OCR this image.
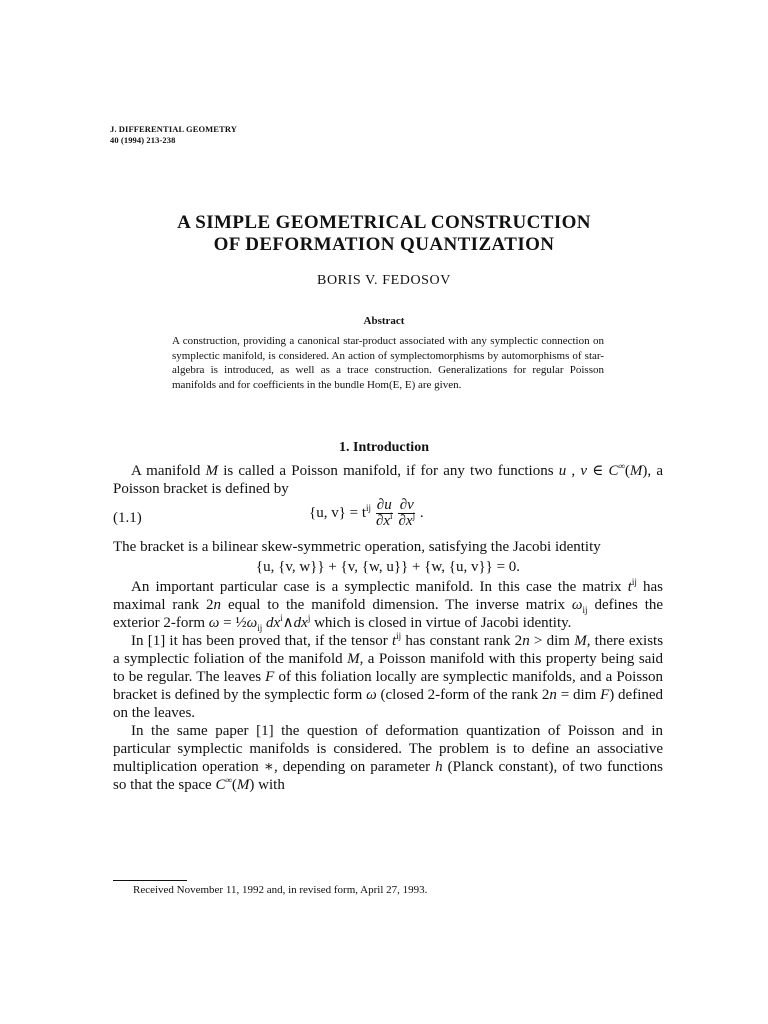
J. DIFFERENTIAL GEOMETRY
40 (1994) 213-238
A SIMPLE GEOMETRICAL CONSTRUCTION
OF DEFORMATION QUANTIZATION
BORIS V. FEDOSOV
Abstract

A construction, providing a canonical star-product associated with any symplectic connection on symplectic manifold, is considered. An action of symplectomorphisms by automorphisms of star-algebra is introduced, as well as a trace construction. Generalizations for regular Poisson manifolds and for coefficients in the bundle Hom(E, E) are given.

1. Introduction

A manifold M is called a Poisson manifold, if for any two functions u , v ∈ C∞(M), a Poisson bracket is defined by

(1.1)	{u, $v\} = t^{ij} \frac{\partial u}{\partial x^i}$
$\frac{\partial v}{\partial x^j}$ .

The bracket is a bilinear skew-symmetric operation, satisfying the Jacobi identity

{u, {v, w}} + {v, {w, u}} + {w, {u, v}} = 0.

An important particular case is a symplectic manifold. In this case the matrix $t^{ij}$ has maximal rank 2n equal to the manifold dimension. The inverse matrix $\omega_{ij}$ defines the exterior 2-form $\omega = \frac{1}{2}\omega_{ij}$ $dx^i\wedge dx^j$ which is closed in virtue of Jacobi identity.

In [1] it has been proved that, if the tensor $t^{ij}$ has constant rank 2n > dim M, there exists a symplectic foliation of the manifold M, a Poisson manifold with this property being said to be regular. The leaves F of this foliation locally are symplectic manifolds, and a Poisson bracket is defined by the symplectic form ω (closed 2-form of the rank 2n = dim F) defined on the leaves.

In the same paper [1] the question of deformation quantization of Poisson and in particular symplectic manifolds is considered. The problem is to define an associative multiplication operation ∗, depending on parameter h (Planck constant), of two functions so that the space C∞(M) with

Received November 11, 1992 and, in revised form, April 27, 1993.
